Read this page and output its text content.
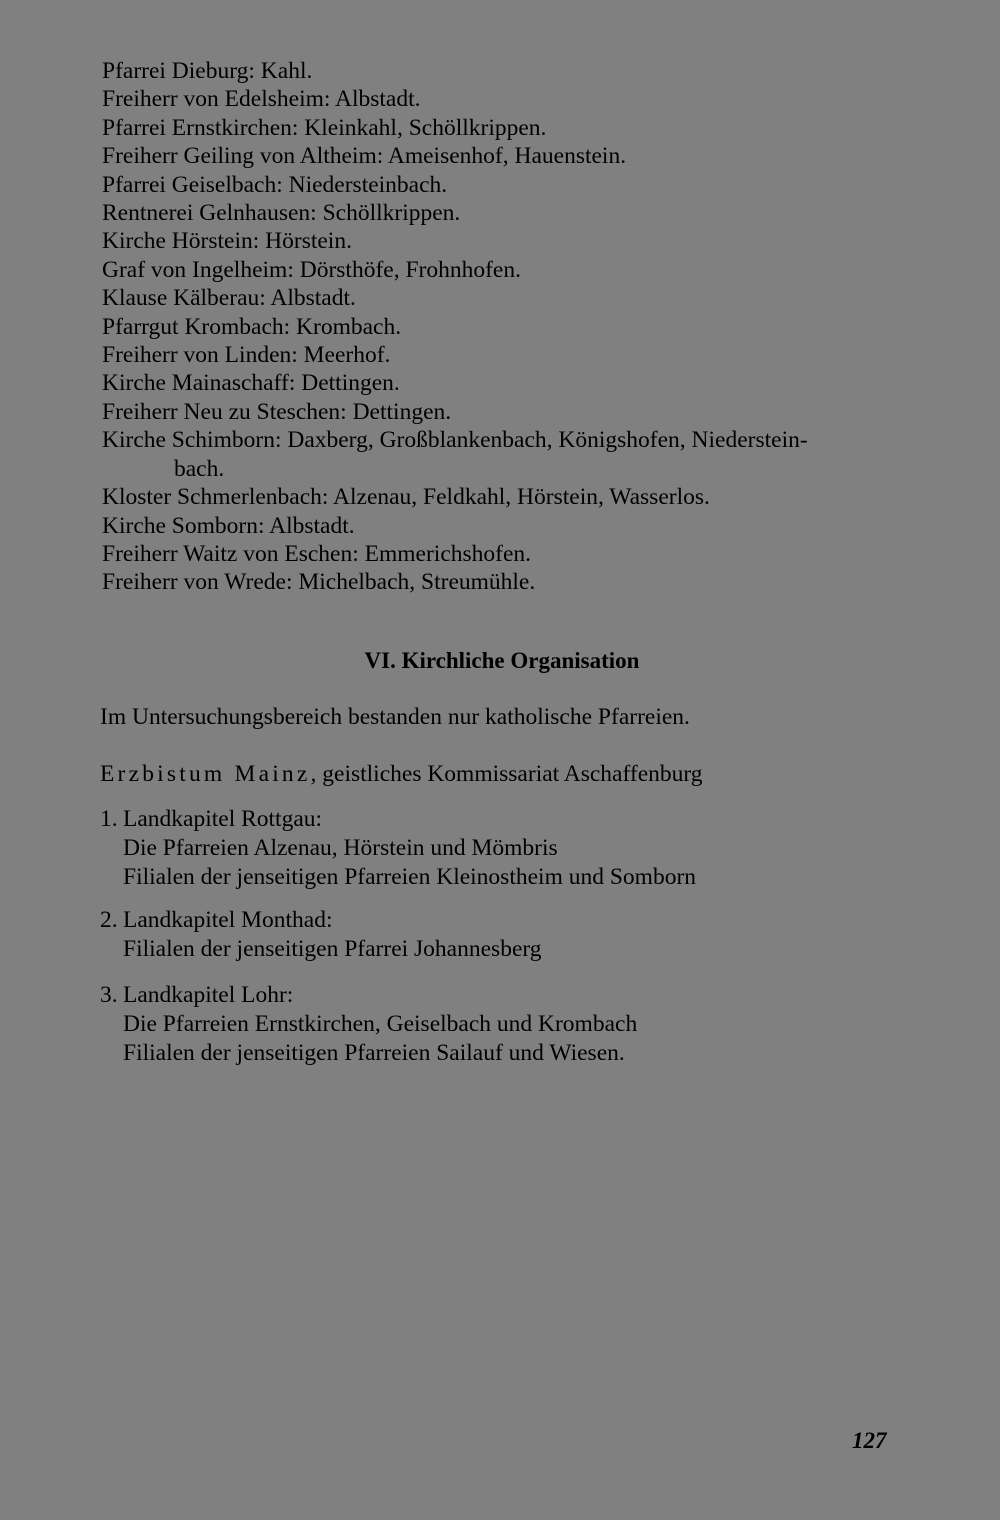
Pfarrei Dieburg: Kahl.
Freiherr von Edelsheim: Albstadt.
Pfarrei Ernstkirchen: Kleinkahl, Schöllkrippen.
Freiherr Geiling von Altheim: Ameisenhof, Hauenstein.
Pfarrei Geiselbach: Niedersteinbach.
Rentnerei Gelnhausen: Schöllkrippen.
Kirche Hörstein: Hörstein.
Graf von Ingelheim: Dörsthöfe, Frohnhofen.
Klause Kälberau: Albstadt.
Pfarrgut Krombach: Krombach.
Freiherr von Linden: Meerhof.
Kirche Mainaschaff: Dettingen.
Freiherr Neu zu Steschen: Dettingen.
Kirche Schimborn: Daxberg, Großblankenbach, Königshofen, Niederstein-
bach.
Kloster Schmerlenbach: Alzenau, Feldkahl, Hörstein, Wasserlos.
Kirche Somborn: Albstadt.
Freiherr Waitz von Eschen: Emmerichshofen.
Freiherr von Wrede: Michelbach, Streumühle.
VI. Kirchliche Organisation
Im Untersuchungsbereich bestanden nur katholische Pfarreien.
Erzbistum Mainz, geistliches Kommissariat Aschaffenburg
1. Landkapitel Rottgau:
Die Pfarreien Alzenau, Hörstein und Mömbris
Filialen der jenseitigen Pfarreien Kleinostheim und Somborn
2. Landkapitel Monthad:
Filialen der jenseitigen Pfarrei Johannesberg
3. Landkapitel Lohr:
Die Pfarreien Ernstkirchen, Geiselbach und Krombach
Filialen der jenseitigen Pfarreien Sailauf und Wiesen.
127
